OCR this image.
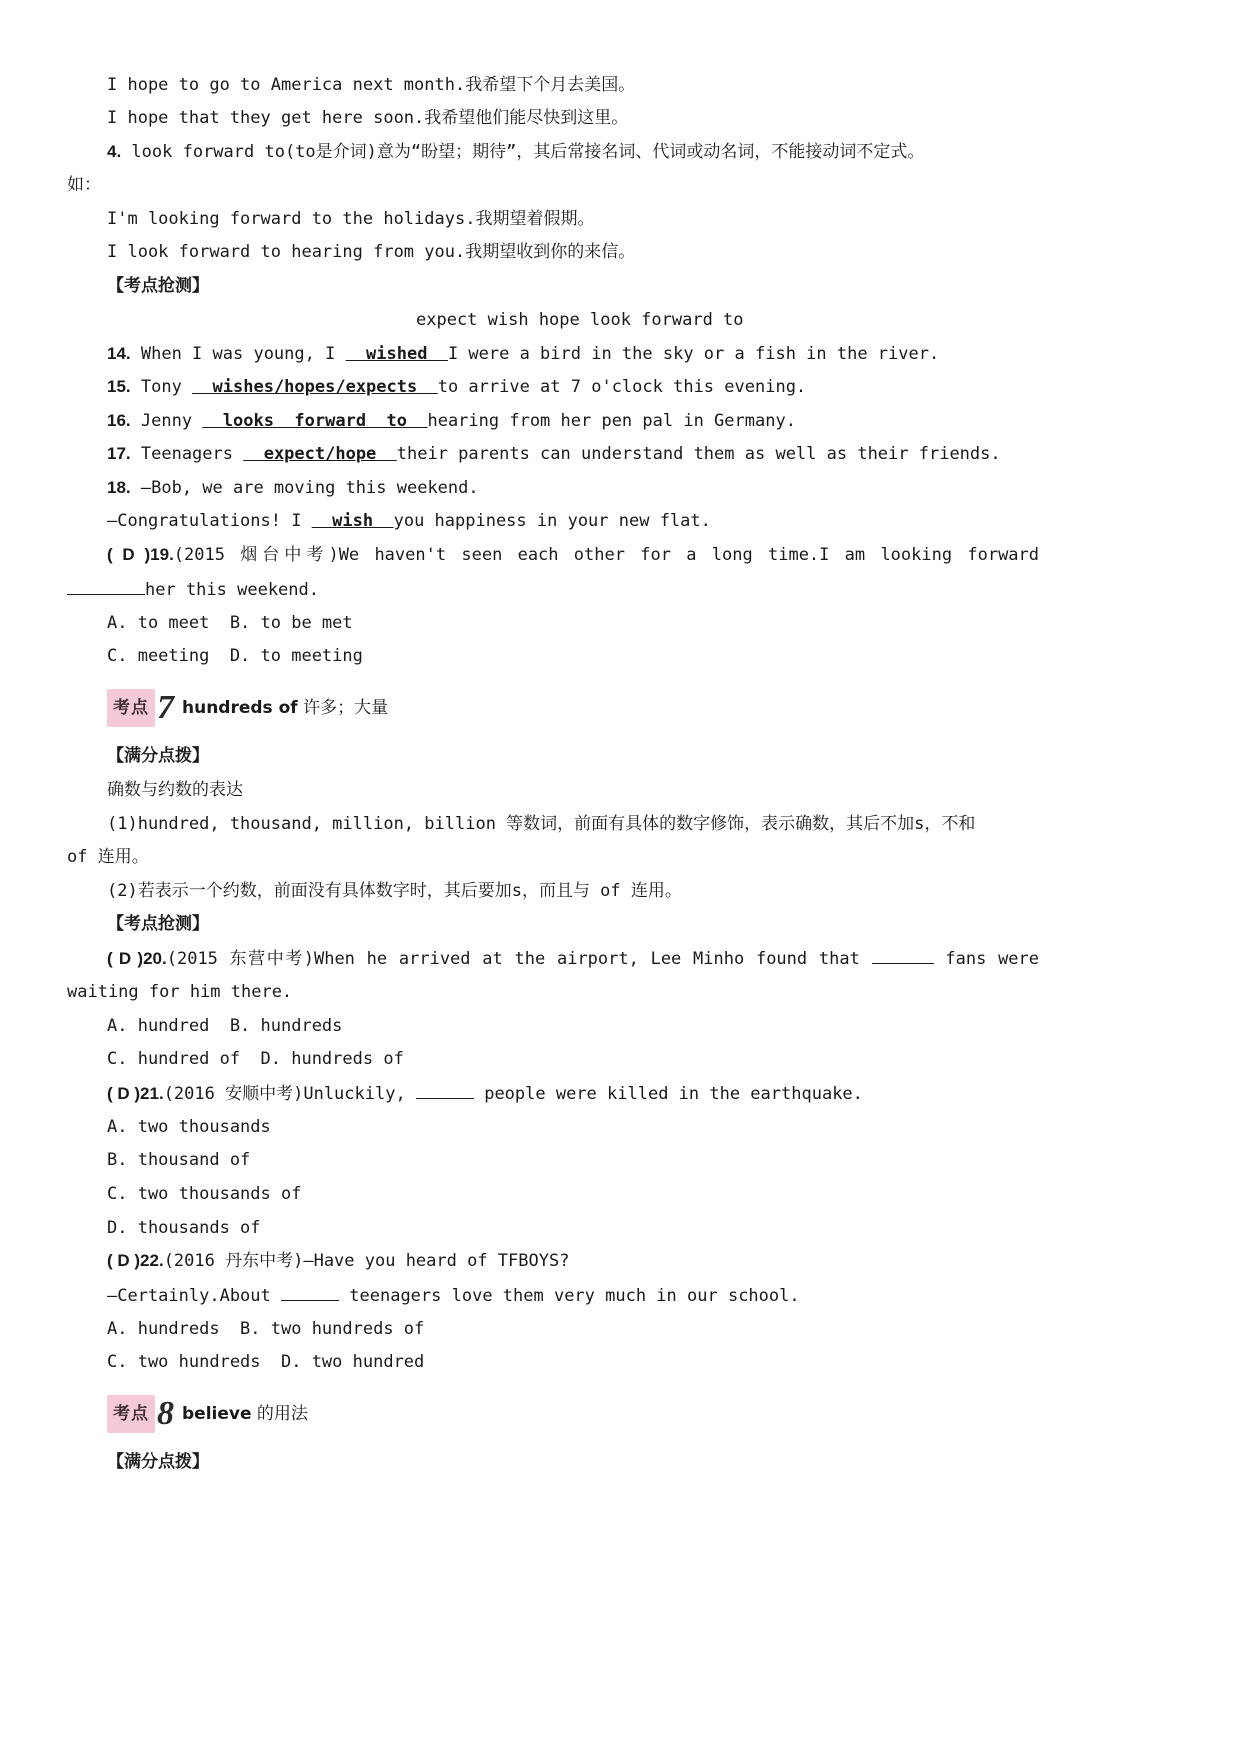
I hope to go to America next month.我希望下个月去美国。
I hope that they get here soon.我希望他们能尽快到这里。
4. look forward to(to是介词)意为“盼望；期待”，其后常接名词、代词或动名词，不能接动词不定式。
如：
I'm looking forward to the holidays.我期望着假期。
I look forward to hearing from you.我期望收到你的来信。
【考点抢测】
expect wish hope look forward to
14. When I was young, I   wished  I were a bird in the sky or a fish in the river.
15. Tony   wishes/hopes/expects  to arrive at 7 o'clock this evening.
16. Jenny   looks  forward  to  hearing from her pen pal in Germany.
17. Teenagers   expect/hope  their parents can understand them as well as their friends.
18. —Bob, we are moving this weekend.
—Congratulations! I   wish  you happiness in your new flat.
( D )19.(2015 烟台中考)We haven't seen each other for a long time.I am looking forward
her this weekend.
A. to meet  B. to be met
C. meeting  D. to meeting
考点 7 hundreds of 许多；大量
【满分点拨】
确数与约数的表达
(1)hundred, thousand, million, billion 等数词，前面有具体的数字修饰，表示确数，其后不加s，不和
of 连用。
(2)若表示一个约数，前面没有具体数字时，其后要加s，而且与 of 连用。
【考点抢测】
( D )20.(2015 东营中考)When he arrived at the airport, Lee Minho found that	fans were
waiting for him there.
A. hundred  B. hundreds
C. hundred of  D. hundreds of
( D )21.(2016 安顺中考)Unluckily,	people were killed in the earthquake.
A. two thousands
B. thousand of
C. two thousands of
D. thousands of
( D )22.(2016 丹东中考)—Have you heard of TFBOYS?
—Certainly.About	teenagers love them very much in our school.
A. hundreds  B. two hundreds of
C. two hundreds  D. two hundred
考点 8 believe 的用法
【满分点拨】
